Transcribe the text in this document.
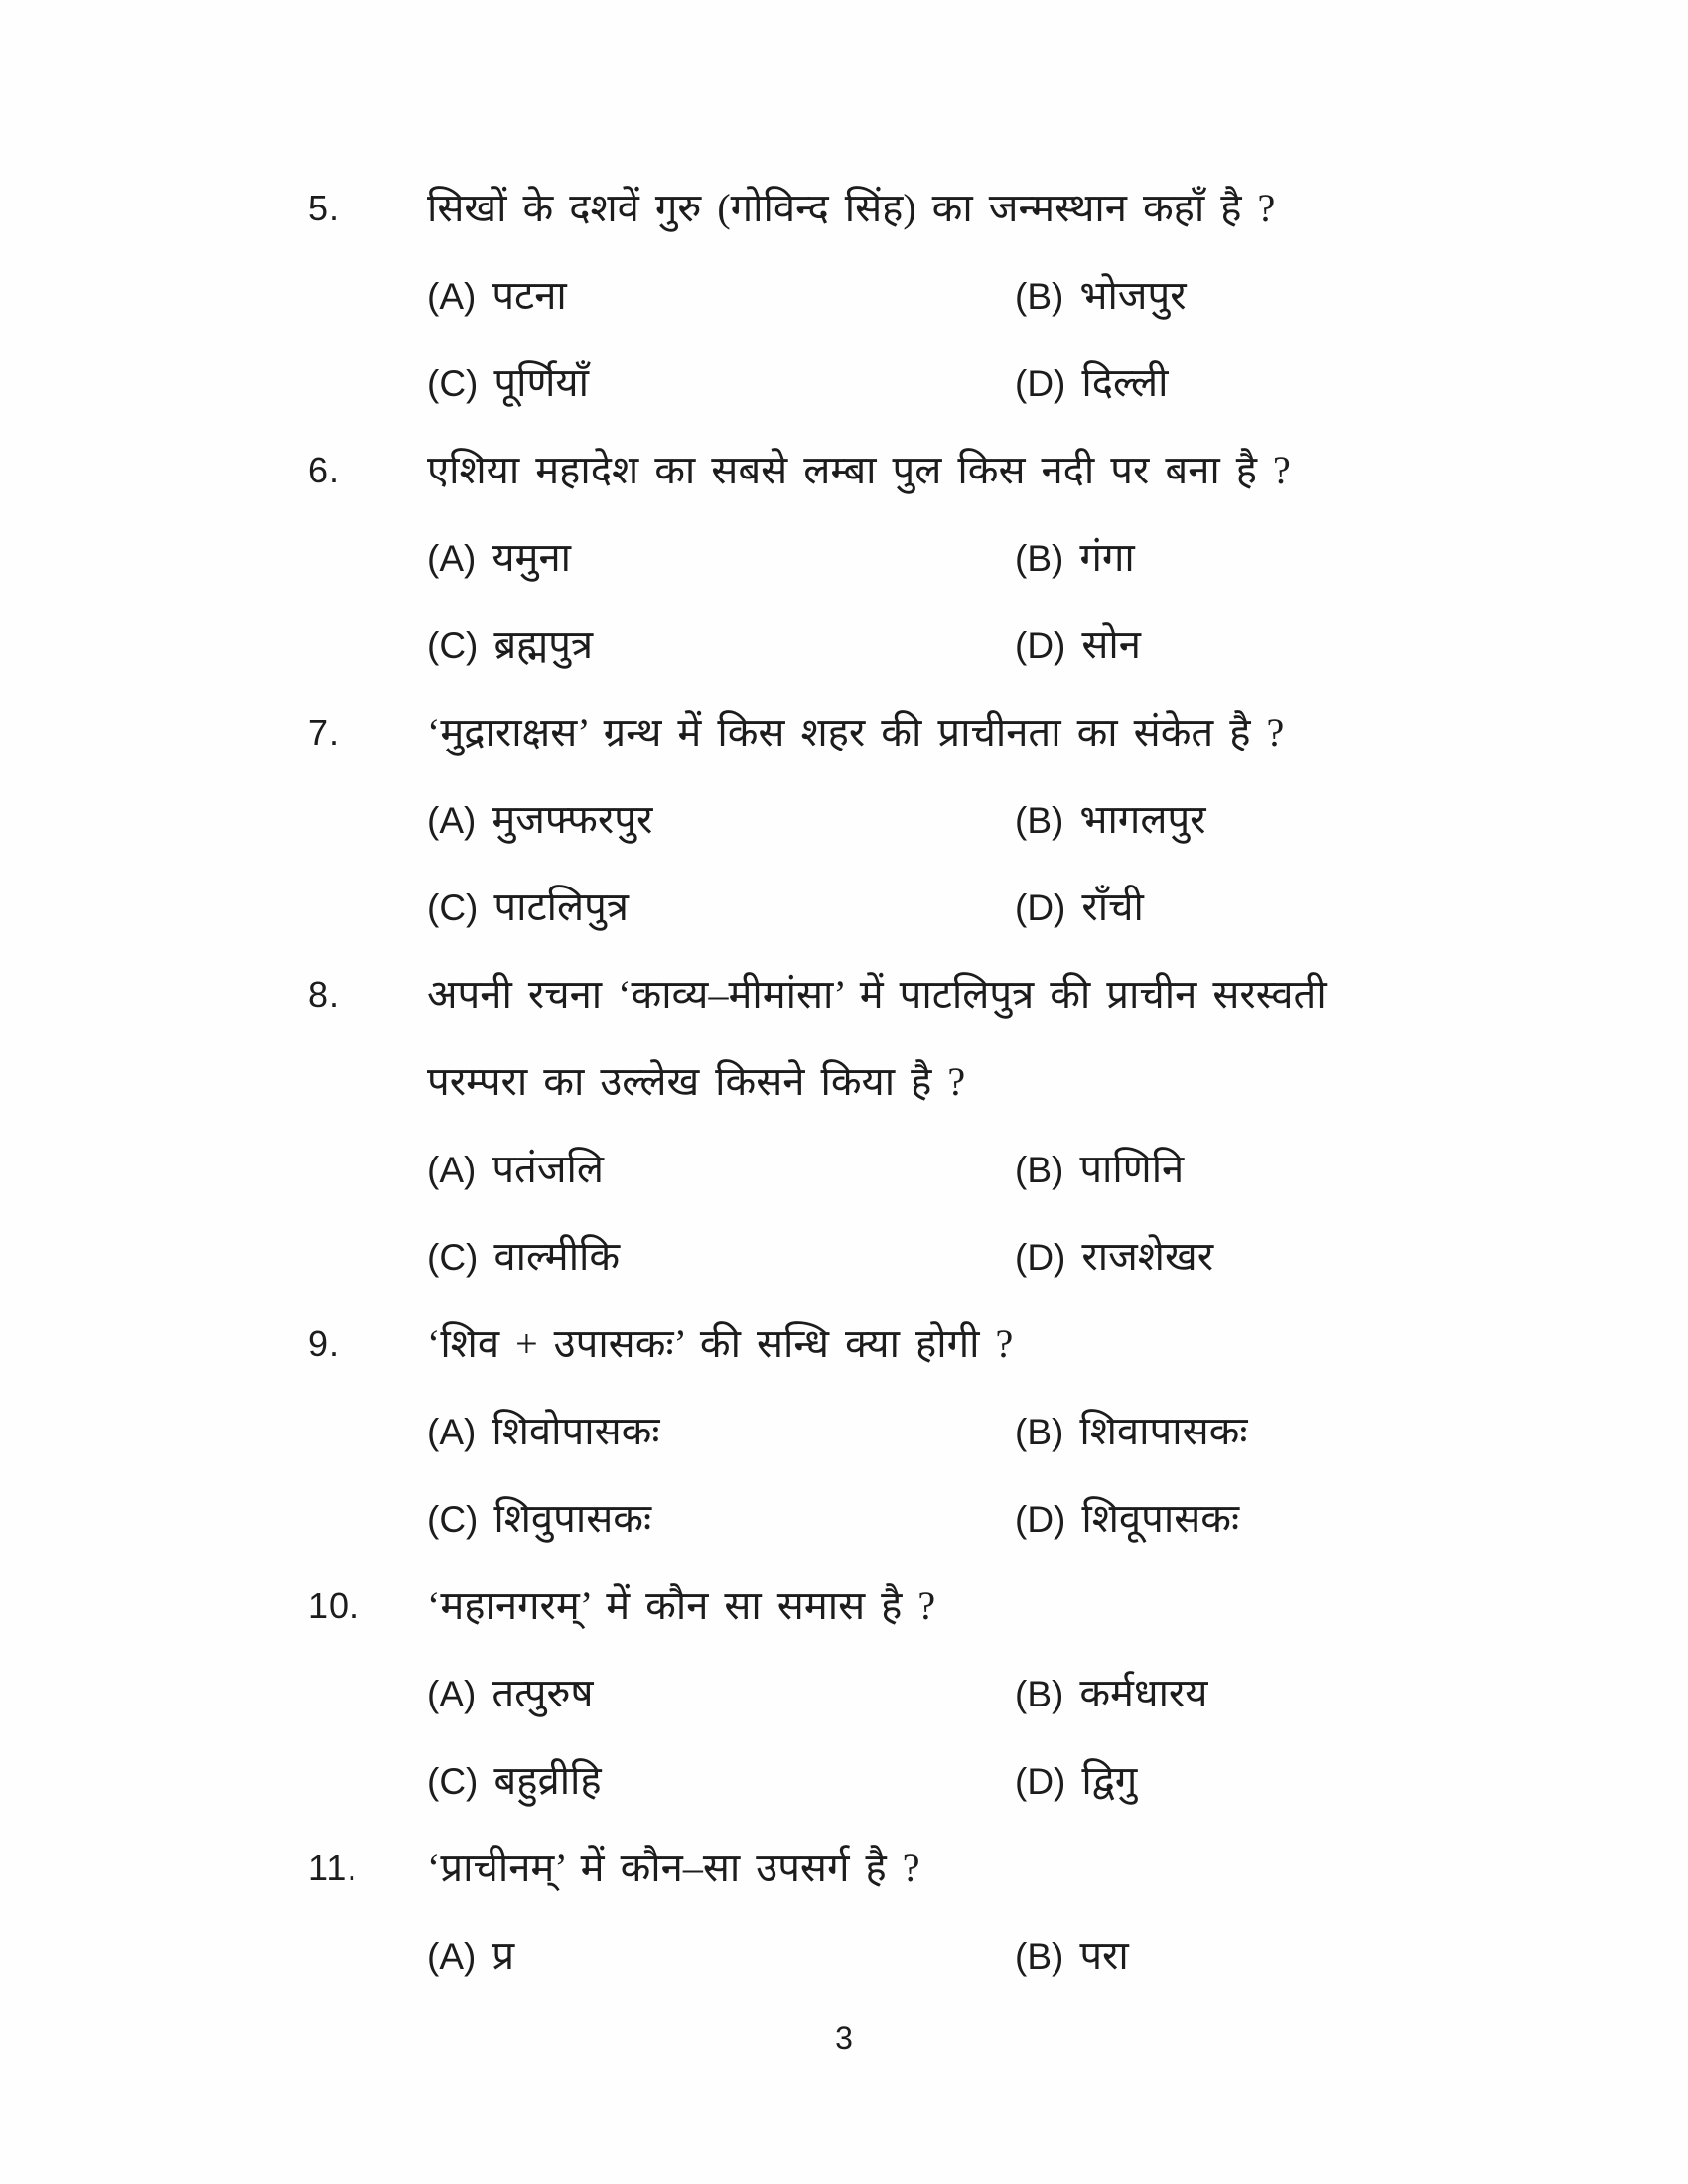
5. सिखों के दशवें गुरु (गोविन्द सिंह) का जन्मस्थान कहाँ है ?
(A) पटना	(B) भोजपुर
(C) पूर्णियाँ	(D) दिल्ली
6. एशिया महादेश का सबसे लम्बा पुल किस नदी पर बना है ?
(A) यमुना	(B) गंगा
(C) ब्रह्मपुत्र	(D) सोन
7. ‘मुद्राराक्षस’ ग्रन्थ में किस शहर की प्राचीनता का संकेत है ?
(A) मुजफ्फरपुर	(B) भागलपुर
(C) पाटलिपुत्र	(D) राँची
8. अपनी रचना ‘काव्य–मीमांसा’ में पाटलिपुत्र की प्राचीन सरस्वती परम्परा का उल्लेख किसने किया है ?
(A) पतंजलि	(B) पाणिनि
(C) वाल्मीकि	(D) राजशेखर
9. ‘शिव + उपासकः’ की सन्धि क्या होगी ?
(A) शिवोपासकः	(B) शिवापासकः
(C) शिवुपासकः	(D) शिवूपासकः
10. ‘महानगरम्’ में कौन सा समास है ?
(A) तत्पुरुष	(B) कर्मधारय
(C) बहुव्रीहि	(D) द्विगु
11. ‘प्राचीनम्’ में कौन–सा उपसर्ग है ?
(A) प्र	(B) परा
3
